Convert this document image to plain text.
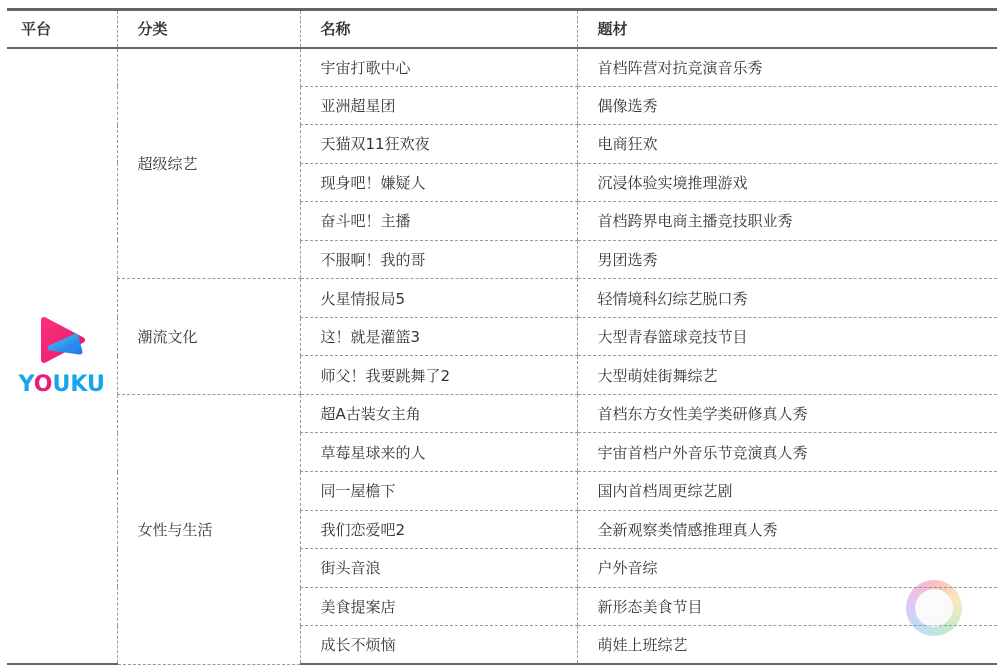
平台	分类	名称	题材

YOUKU	超级综艺	宇宙打歌中心	首档阵营对抗竞演音乐秀
		亚洲超星团	偶像选秀
		天猫双11狂欢夜	电商狂欢
		现身吧！嫌疑人	沉浸体验实境推理游戏
		奋斗吧！主播	首档跨界电商主播竞技职业秀
		不服啊！我的哥	男团选秀
	潮流文化	火星情报局5	轻情境科幻综艺脱口秀
		这！就是灌篮3	大型青春篮球竞技节目
		师父！我要跳舞了2	大型萌娃街舞综艺
	女性与生活	超A古装女主角	首档东方女性美学类研修真人秀
		草莓星球来的人	宇宙首档户外音乐节竞演真人秀
		同一屋檐下	国内首档周更综艺剧
		我们恋爱吧2	全新观察类情感推理真人秀
		街头音浪	户外音综
		美食提案店	新形态美食节目
		成长不烦恼	萌娃上班综艺
媒介
360
